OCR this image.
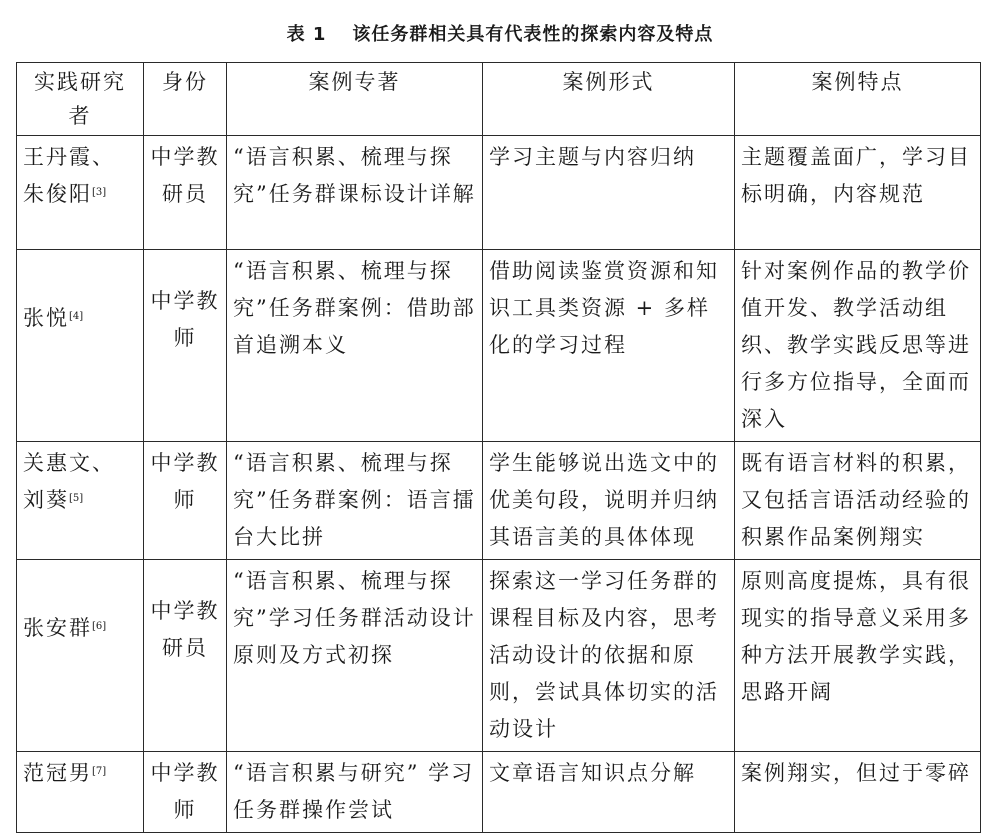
表 1 该任务群相关具有代表性的探索内容及特点
实践研究者	身份	案例专著	案例形式	案例特点
王丹霞、朱俊阳[3]	中学教研员	“语言积累、梳理与探究”任务群课标设计详解	学习主题与内容归纳	主题覆盖面广，学习目标明确，内容规范
张悦[4]	中学教师	“语言积累、梳理与探究”任务群案例：借助部首追溯本义	借助阅读鉴赏资源和知识工具类资源 + 多样化的学习过程	针对案例作品的教学价值开发、教学活动组织、教学实践反思等进行多方位指导，全面而深入
关惠文、刘葵[5]	中学教师	“语言积累、梳理与探究”任务群案例：语言擂台大比拼	学生能够说出选文中的优美句段，说明并归纳其语言美的具体体现	既有语言材料的积累，又包括言语活动经验的积累作品案例翔实
张安群[6]	中学教研员	“语言积累、梳理与探究”学习任务群活动设计原则及方式初探	探索这一学习任务群的课程目标及内容，思考活动设计的依据和原则，尝试具体切实的活动设计	原则高度提炼，具有很现实的指导意义采用多种方法开展教学实践，思路开阔
范冠男[7]	中学教师	“语言积累与研究” 学习任务群操作尝试	文章语言知识点分解	案例翔实，但过于零碎
